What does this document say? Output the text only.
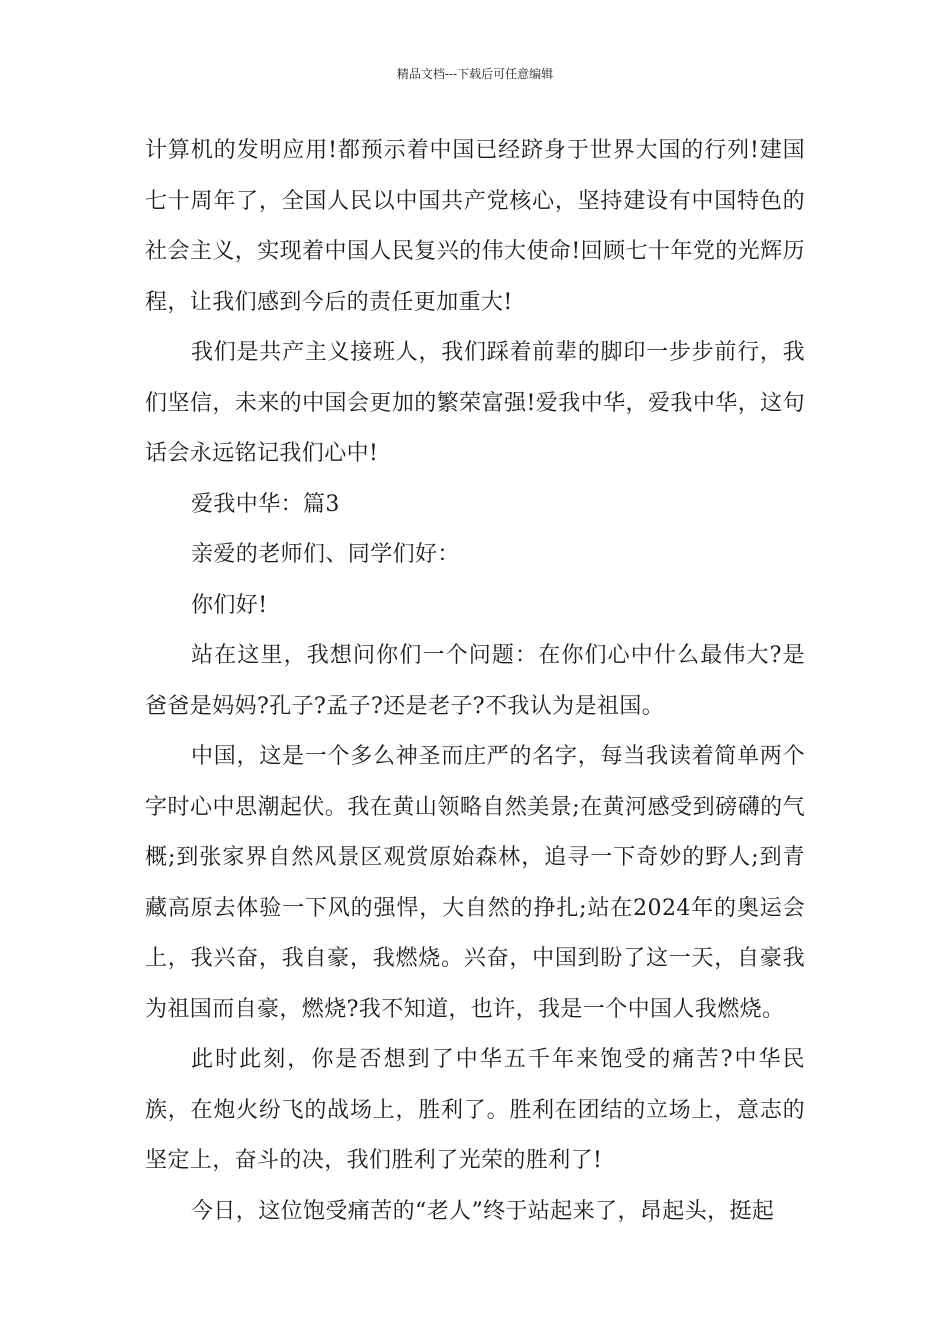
精品文档---下载后可任意编辑

计算机的发明应用!都预示着中国已经跻身于世界大国的行列!建国七十周年了，全国人民以中国共产党核心，坚持建设有中国特色的社会主义，实现着中国人民复兴的伟大使命!回顾七十年党的光辉历程，让我们感到今后的责任更加重大!

我们是共产主义接班人，我们踩着前辈的脚印一步步前行，我们坚信，未来的中国会更加的繁荣富强!爱我中华，爱我中华，这句话会永远铭记我们心中!

爱我中华：篇3

亲爱的老师们、同学们好：

你们好!

站在这里，我想问你们一个问题：在你们心中什么最伟大?是爸爸是妈妈?孔子?孟子?还是老子?不我认为是祖国。

中国，这是一个多么神圣而庄严的名字，每当我读着简单两个字时心中思潮起伏。我在黄山领略自然美景;在黄河感受到磅礴的气概;到张家界自然风景区观赏原始森林，追寻一下奇妙的野人;到青藏高原去体验一下风的强悍，大自然的挣扎;站在2024年的奥运会上，我兴奋，我自豪，我燃烧。兴奋，中国到盼了这一天，自豪我为祖国而自豪，燃烧?我不知道，也许，我是一个中国人我燃烧。

此时此刻，你是否想到了中华五千年来饱受的痛苦?中华民族，在炮火纷飞的战场上，胜利了。胜利在团结的立场上，意志的坚定上，奋斗的决，我们胜利了光荣的胜利了!

今日，这位饱受痛苦的“老人”终于站起来了，昂起头，挺起
